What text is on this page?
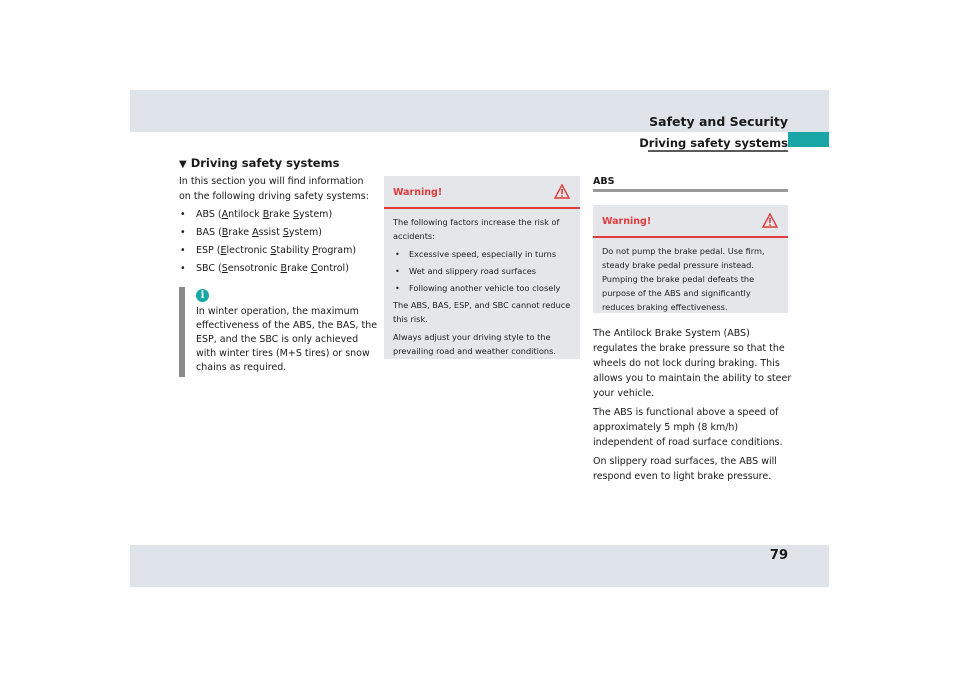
Safety and Security
Driving safety systems
▼ Driving safety systems
In this section you will find information on the following driving safety systems:
• ABS (Antilock Brake System)
• BAS (Brake Assist System)
• ESP (Electronic Stability Program)
• SBC (Sensotronic Brake Control)
i
In winter operation, the maximum effectiveness of the ABS, the BAS, the ESP, and the SBC is only achieved with winter tires (M+S tires) or snow chains as required.
Warning!

The following factors increase the risk of accidents:

• Excessive speed, especially in turns
• Wet and slippery road surfaces
• Following another vehicle too closely

The ABS, BAS, ESP, and SBC cannot reduce this risk.

Always adjust your driving style to the prevailing road and weather conditions.

ABS
Warning!

Do not pump the brake pedal. Use firm, steady brake pedal pressure instead. Pumping the brake pedal defeats the purpose of the ABS and significantly reduces braking effectiveness.

The Antilock Brake System (ABS) regulates the brake pressure so that the wheels do not lock during braking. This allows you to maintain the ability to steer your vehicle.

The ABS is functional above a speed of approximately 5 mph (8 km/h) independent of road surface conditions.

On slippery road surfaces, the ABS will respond even to light brake pressure.

79
